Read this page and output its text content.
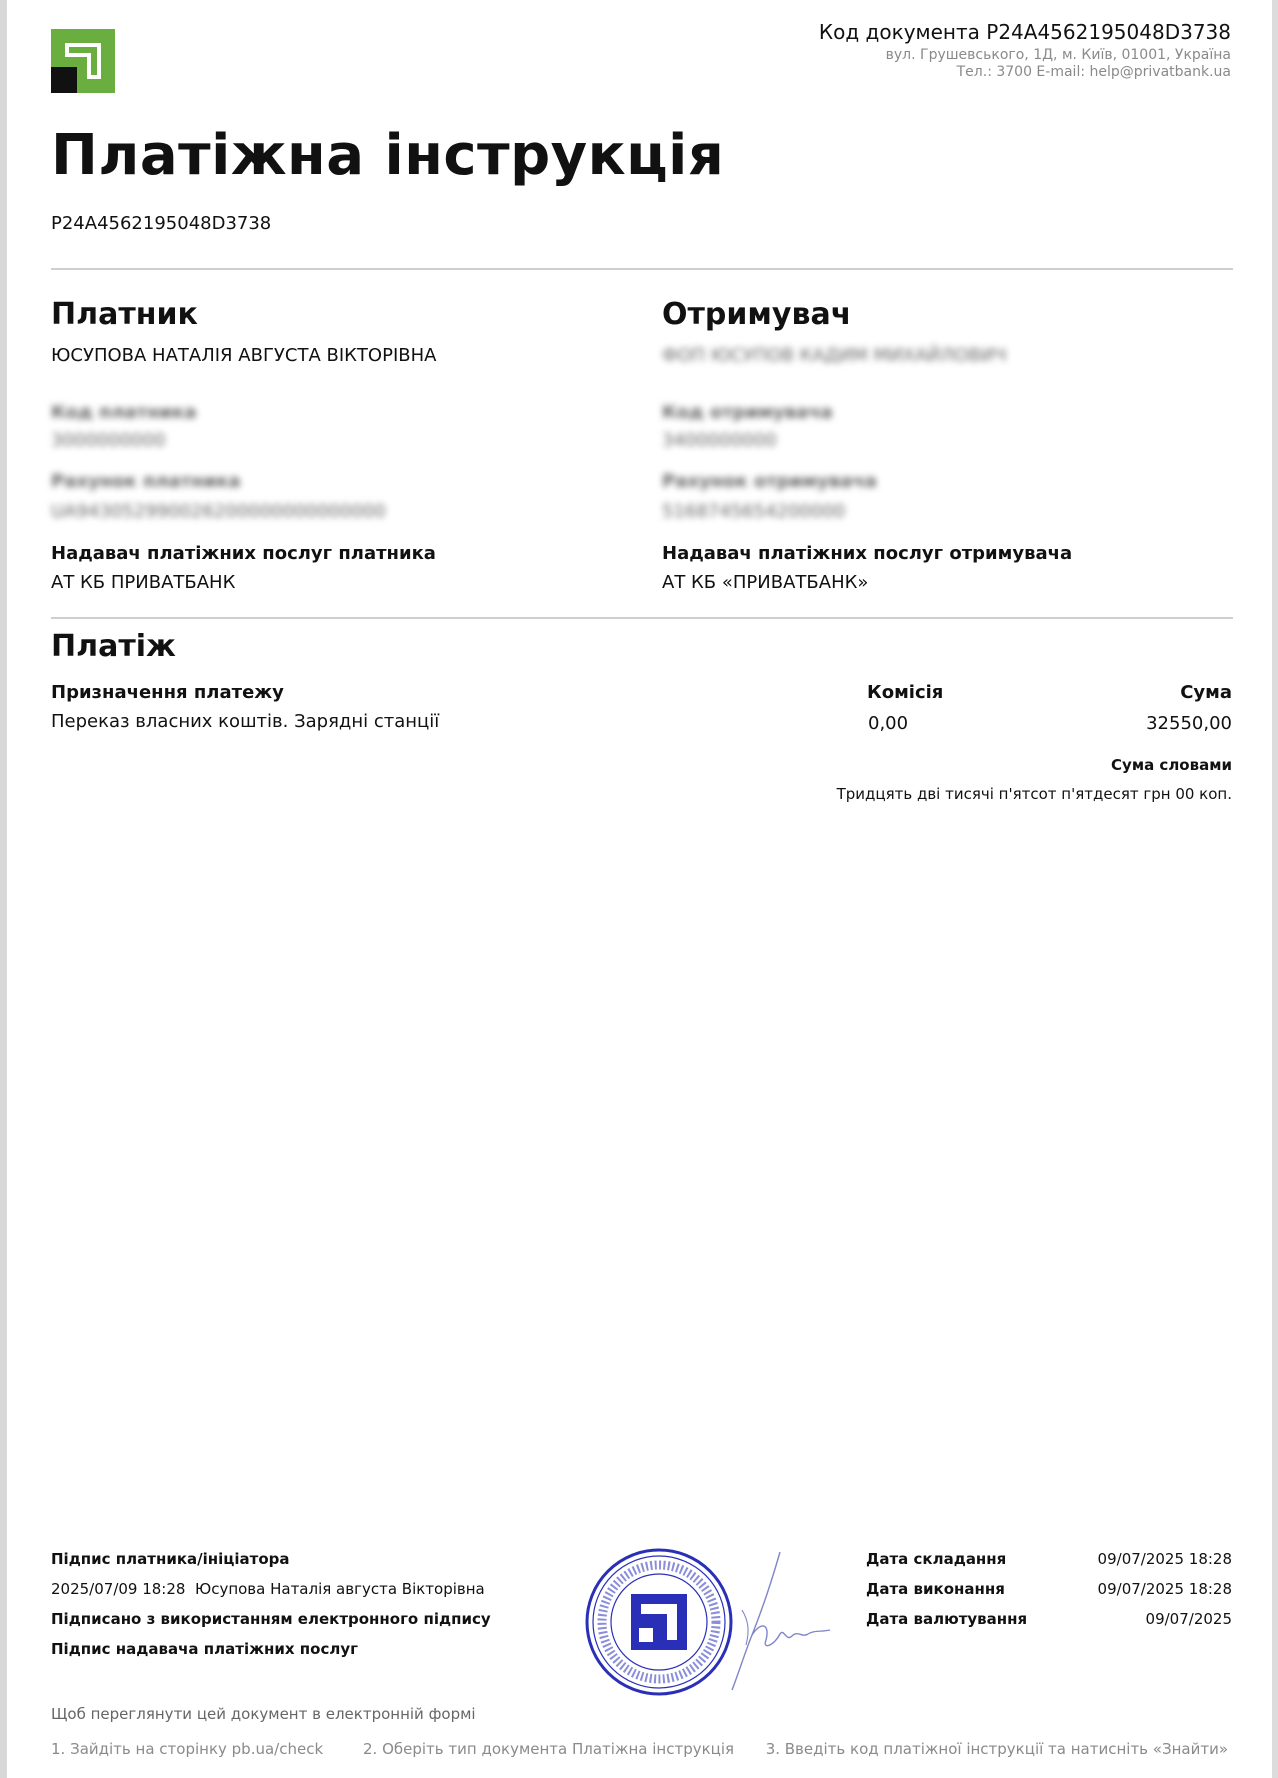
Код документа P24A4562195048D3738
вул. Грушевського, 1Д, м. Київ, 01001, Україна
Тел.: 3700 E-mail: help@privatbank.ua
Платіжна інструкція
P24A4562195048D3738
Платник
ЮСУПОВА НАТАЛІЯ АВГУСТА ВІКТОРІВНА
Код платника
3000000000
Рахунок платника
UA943052990026200000000000000
Надавач платіжних послуг платника
АТ КБ ПРИВАТБАНК
Отримувач
ФОП ЮСУПОВ КАДИМ МИХАЙЛОВИЧ
Код отримувача
3400000000
Рахунок отримувача
5168745654200000
Надавач платіжних послуг отримувача
АТ КБ «ПРИВАТБАНК»
Платіж
Призначення платежу
Переказ власних коштів. Зарядні станції
Комісія
0,00
Сума
32550,00
Сума словами
Тридцять дві тисячі п'ятсот п'ятдесят грн 00 коп.
Підпис платника/ініціатора
2025/07/09 18:28 Юсупова Наталія августа Вікторівна
Підписано з використанням електронного підпису
Підпис надавача платіжних послуг
Дата складання	09/07/2025 18:28
Дата виконання	09/07/2025 18:28
Дата валютування	09/07/2025
Щоб переглянути цей документ в електронній формі
1. Зайдіть на сторінку pb.ua/check	2. Оберіть тип документа Платіжна інструкція 3. Введіть код платіжної інструкції та натисніть «Знайти»
